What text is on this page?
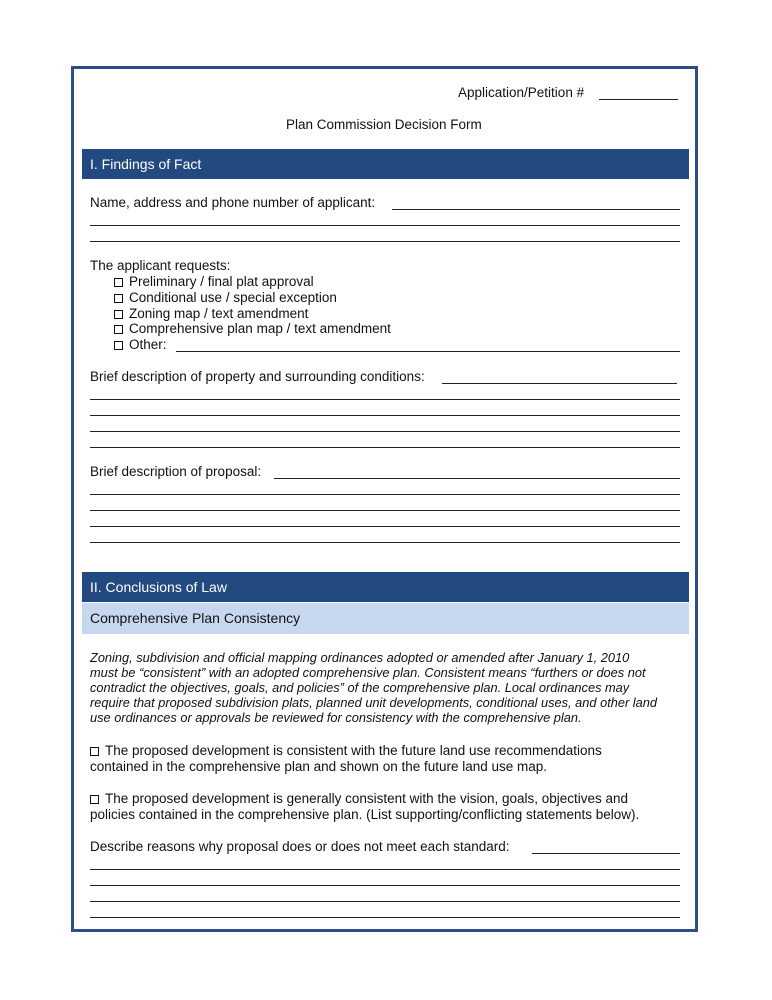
Application/Petition #
Plan Commission Decision Form
I. Findings of Fact
Name, address and phone number of applicant:
The applicant requests:
Preliminary / final plat approval
Conditional use / special exception
Zoning map / text amendment
Comprehensive plan map / text amendment
Other:
Brief description of property and surrounding conditions:
Brief description of proposal:
II. Conclusions of Law
Comprehensive Plan Consistency
Zoning, subdivision and official mapping ordinances adopted or amended after January 1, 2010
must be “consistent” with an adopted comprehensive plan. Consistent means “furthers or does not
contradict the objectives, goals, and policies” of the comprehensive plan. Local ordinances may
require that proposed subdivision plats, planned unit developments, conditional uses, and other land
use ordinances or approvals be reviewed for consistency with the comprehensive plan.
The proposed development is consistent with the future land use recommendations
contained in the comprehensive plan and shown on the future land use map.
The proposed development is generally consistent with the vision, goals, objectives and
policies contained in the comprehensive plan. (List supporting/conflicting statements below).
Describe reasons why proposal does or does not meet each standard:
